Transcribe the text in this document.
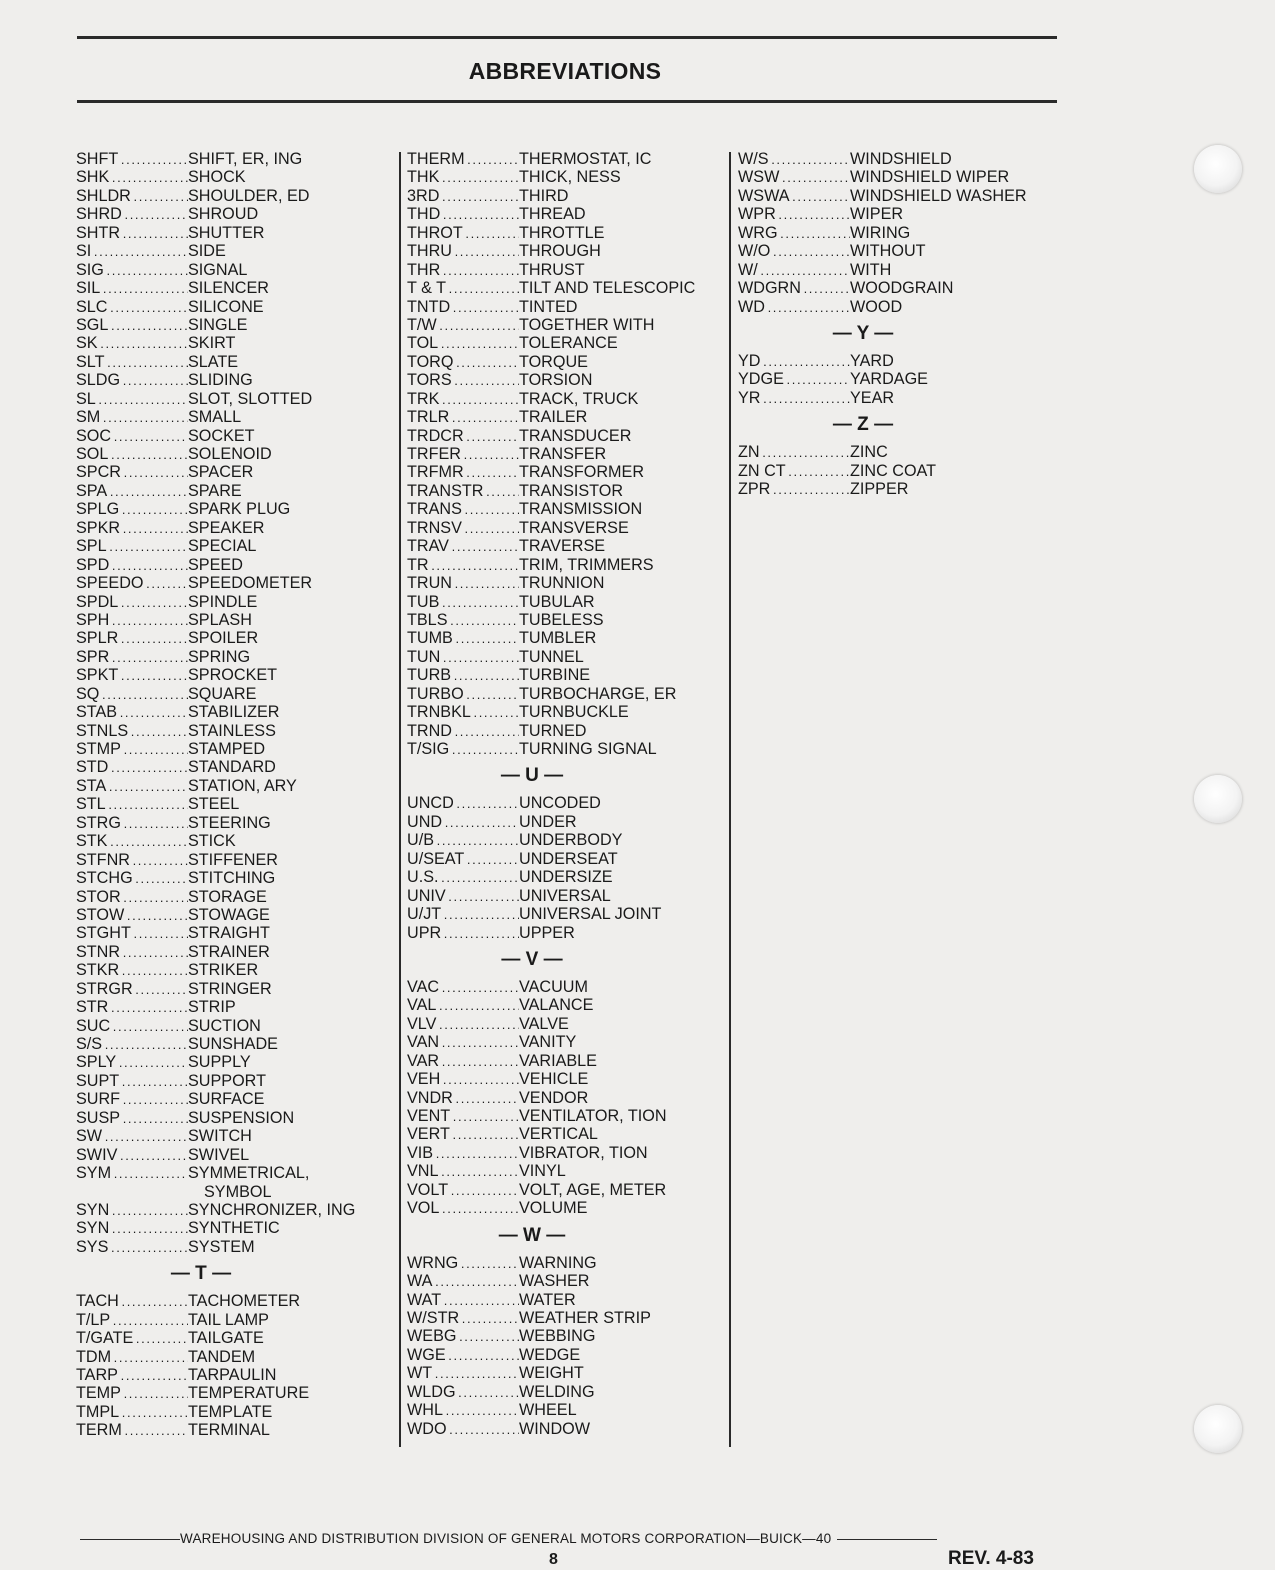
ABBREVIATIONS
SHFT . . .	SHIFT, ER, ING
SHK . . .	SHOCK
SHLDR . . .	SHOULDER, ED
SHRD . . .	SHROUD
SHTR . . .	SHUTTER
SI . . .	SIDE
SIG . . .	SIGNAL
SIL . . .	SILENCER
SLC . . .	SILICONE
SGL . . .	SINGLE
SK . . .	SKIRT
SLT . . .	SLATE
SLDG . . .	SLIDING
SL . . .	SLOT, SLOTTED
SM . . .	SMALL
SOC . . .	SOCKET
SOL . . .	SOLENOID
SPCR . . .	SPACER
SPA . . .	SPARE
SPLG . . .	SPARK PLUG
SPKR . . .	SPEAKER
SPL . . .	SPECIAL
SPD . . .	SPEED
SPEEDO . . .	SPEEDOMETER
SPDL . . .	SPINDLE
SPH . . .	SPLASH
SPLR . . .	SPOILER
SPR . . .	SPRING
SPKT . . .	SPROCKET
SQ . . .	SQUARE
STAB . . .	STABILIZER
STNLS . . .	STAINLESS
STMP . . .	STAMPED
STD . . .	STANDARD
STA . . .	STATION, ARY
STL . . .	STEEL
STRG . . .	STEERING
STK . . .	STICK
STFNR . . .	STIFFENER
STCHG . . .	STITCHING
STOR . . .	STORAGE
STOW . . .	STOWAGE
STGHT . . .	STRAIGHT
STNR . . .	STRAINER
STKR . . .	STRIKER
STRGR . . .	STRINGER
STR . . .	STRIP
SUC . . .	SUCTION
S/S . . .	SUNSHADE
SPLY . . .	SUPPLY
SUPT . . .	SUPPORT
SURF . . .	SURFACE
SUSP . . .	SUSPENSION
SW . . .	SWITCH
SWIV . . .	SWIVEL
SYM . . .	SYMMETRICAL,
SYMBOL
SYN . . .	SYNCHRONIZER, ING
SYN . . .	SYNTHETIC
SYS . . .	SYSTEM
— T —
TACH . . .	TACHOMETER
T/LP . . .	TAIL LAMP
T/GATE . . .	TAILGATE
TDM . . .	TANDEM
TARP . . .	TARPAULIN
TEMP . . .	TEMPERATURE
TMPL . . .	TEMPLATE
TERM . . .	TERMINAL
THERM . . .	THERMOSTAT, IC
THK . . .	THICK, NESS
3RD . . .	THIRD
THD . . .	THREAD
THROT . . .	THROTTLE
THRU . . .	THROUGH
THR . . .	THRUST
T & T . . .	TILT AND TELESCOPIC
TNTD . . .	TINTED
T/W . . .	TOGETHER WITH
TOL . . .	TOLERANCE
TORQ . . .	TORQUE
TORS . . .	TORSION
TRK . . .	TRACK, TRUCK
TRLR . . .	TRAILER
TRDCR . . .	TRANSDUCER
TRFER . . .	TRANSFER
TRFMR . . .	TRANSFORMER
TRANSTR . . . TRANSISTOR
TRANS . . .	TRANSMISSION
TRNSV . . .	TRANSVERSE
TRAV . . .	TRAVERSE
TR . . .	TRIM, TRIMMERS
TRUN . . .	TRUNNION
TUB . . .	TUBULAR
TBLS . . .	TUBELESS
TUMB . . .	TUMBLER
TUN . . .	TUNNEL
TURB . . .	TURBINE
TURBO . . .	TURBOCHARGE, ER
TRNBKL . . .	TURNBUCKLE
TRND . . .	TURNED
T/SIG . . .	TURNING SIGNAL
— U —
UNCD . . .	UNCODED
UND . . .	UNDER
U/B . . .	UNDERBODY
U/SEAT . . .	UNDERSEAT
U.S. . . .	UNDERSIZE
UNIV . . .	UNIVERSAL
U/JT . . .	UNIVERSAL JOINT
UPR . . .	UPPER
— V —
VAC . . .	VACUUM
VAL . . .	VALANCE
VLV . . .	VALVE
VAN . . .	VANITY
VAR . . .	VARIABLE
VEH . . .	VEHICLE
VNDR . . .	VENDOR
VENT . . .	VENTILATOR, TION
VERT . . .	VERTICAL
VIB . . .	VIBRATOR, TION
VNL . . .	VINYL
VOLT . . .	VOLT, AGE, METER
VOL . . .	VOLUME
— W —
WRNG . . .	WARNING
WA . . .	WASHER
WAT . . .	WATER
W/STR . . .	WEATHER STRIP
WEBG . . .	WEBBING
WGE . . .	WEDGE
WT . . .	WEIGHT
WLDG . . .	WELDING
WHL . . .	WHEEL
WDO . . .	WINDOW
W/S . . .	WINDSHIELD
WSW . . .	WINDSHIELD WIPER
WSWA . . .	WINDSHIELD WASHER
WPR . . .	WIPER
WRG . . .	WIRING
W/O . . .	WITHOUT
W/ . . .	WITH
WDGRN . . .	WOODGRAIN
WD . . .	WOOD
— Y —
YD . . .	YARD
YDGE . . .	YARDAGE
YR . . .	YEAR
— Z —
ZN . . .	ZINC
ZN CT . . .	ZINC COAT
ZPR . . .	ZIPPER
WAREHOUSING AND DISTRIBUTION DIVISION OF GENERAL MOTORS CORPORATION—BUICK—40
8	REV. 4-83
